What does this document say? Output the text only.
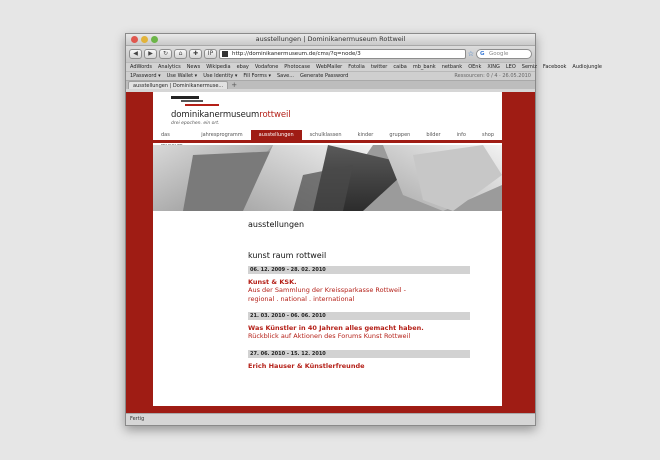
ausstellungen | Dominikanermuseum Rottweil
◀	▶	↻	⌂	✚	IP	http://dominikanermuseum.de/cms/?q=node/3	☆ G Google
AdWords Analytics News Wikipedia ebay Vodafone Photocase WebMailer Fotolia twitter caiba mb_bank netbank OEnk XING LEO Semiz Facebook Audiojungle
1Password ▾ Use Wallet ▾ Use Identity ▾ Fill Forms ▾ Save... Generate Password	Ressourcen: 0 / 4 · 26.05.2010
ausstellungen | Dominikanermuse...	+
dominikanermuseumrottweil
drei epochen. ein ort.
das	jahresprogramm	ausstellungen	schulklassen	kinder	gruppen	bilder	info	shop
ausstellungen
kunst raum rottweil
06. 12. 2009 - 28. 02. 2010
Kunst & KSK.
Aus der Sammlung der Kreissparkasse Rottweil -
regional . national . international
21. 03. 2010 - 06. 06. 2010
Was Künstler in 40 Jahren alles gemacht haben.
Rückblick auf Aktionen des Forums Kunst Rottweil
27. 06. 2010 - 15. 12. 2010
Erich Hauser & Künstlerfreunde
Fertig
